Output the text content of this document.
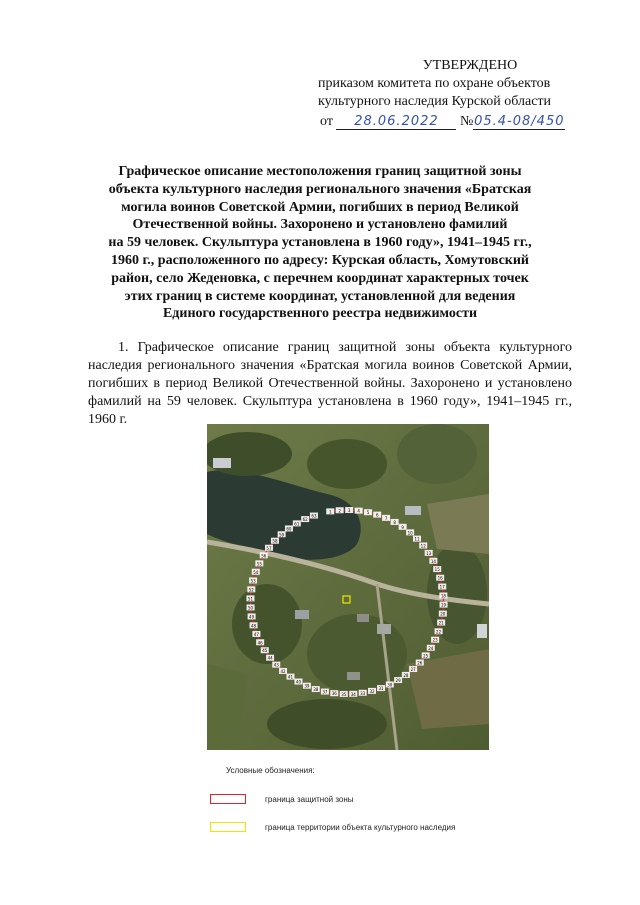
УТВЕРЖДЕНО
приказом комитета по охране объектов
культурного наследия Курской области
от 28.06.2022 №05.4-08/450
Графическое описание местоположения границ защитной зоны
объекта культурного наследия регионального значения «Братская
могила воинов Советской Армии, погибших в период Великой
Отечественной войны. Захоронено и установлено фамилий
на 59 человек. Скульптура установлена в 1960 году», 1941–1945 гг.,
1960 г., расположенного по адресу: Курская область, Хомутовский
район, село Жеденовка, с перечнем координат характерных точек
этих границ в системе координат, установленной для ведения
Единого государственного реестра недвижимости

1. Графическое описание границ защитной зоны объекта культурного наследия регионального значения «Братская могила воинов Советской Армии, погибших в период Великой Отечественной войны. Захоронено и установлено фамилий на 59 человек. Скульптура установлена в 1960 году», 1941–1945 гг., 1960 г.

1 2 3 4 5 6
7
8
9
10
11
12
13
14
15
16
17
18
19
20
21
22
23
24
25
26
27
28
29
30
31
32
33
34
35
36
37
38
39
40
41
42
43
44
45
46
47
48
49
50
51
52
53
54
55
56
57
58
59
60
61
62
63
Условные обозначения:
граница защитной зоны
граница территории объекта культурного наследия
